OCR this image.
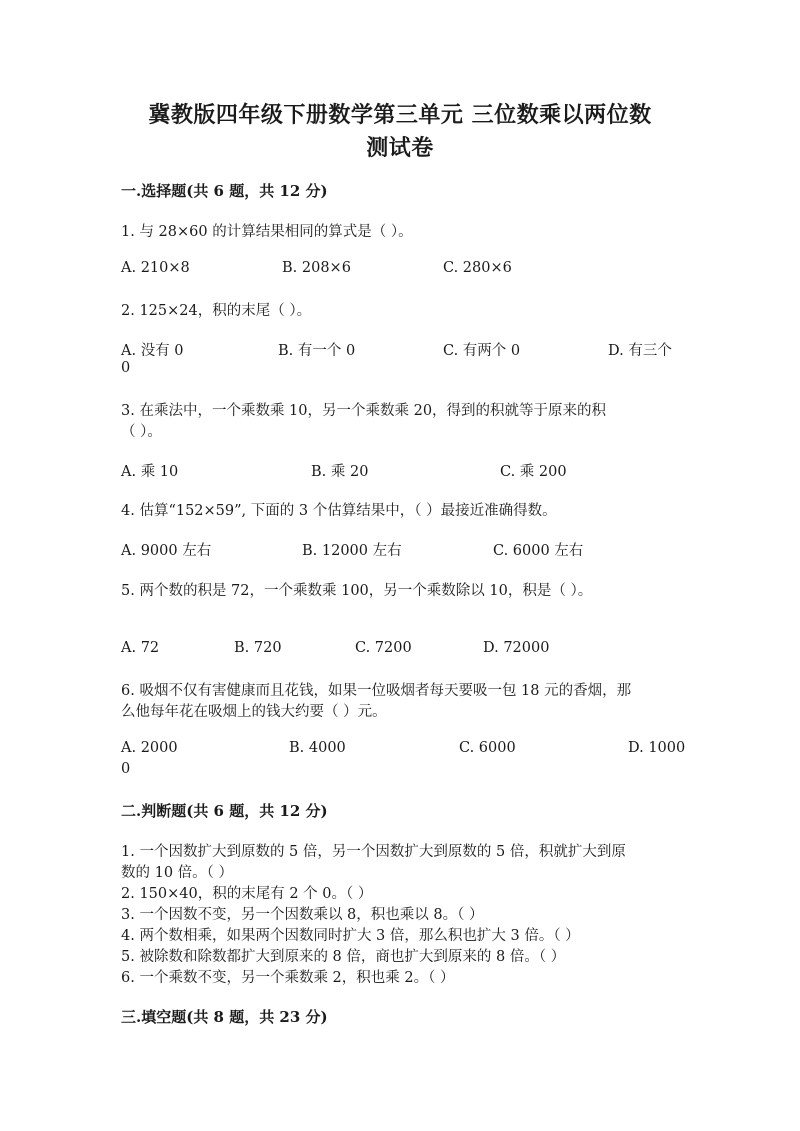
冀教版四年级下册数学第三单元 三位数乘以两位数
测试卷
一.选择题(共 6 题，共 12 分)
1. 与 28×60 的计算结果相同的算式是（ ）。
A. 210×8	B. 208×6	C. 280×6
2. 125×24，积的末尾（ ）。
A. 没有 0	B. 有一个 0	C. 有两个 0	D. 有三个
0
3. 在乘法中，一个乘数乘 10，另一个乘数乘 20，得到的积就等于原来的积
（ ）。
A. 乘 10	B. 乘 20	C. 乘 200
4. 估算“152×59”, 下面的 3 个估算结果中，（ ）最接近准确得数。
A. 9000 左右	B. 12000 左右	C. 6000 左右
5. 两个数的积是 72，一个乘数乘 100，另一个乘数除以 10，积是（ ）。
A. 72	B. 720	C. 7200	D. 72000
6. 吸烟不仅有害健康而且花钱，如果一位吸烟者每天要吸一包 18 元的香烟，那
么他每年花在吸烟上的钱大约要（ ）元。
A. 2000	B. 4000	C. 6000	D. 1000
0
二.判断题(共 6 题，共 12 分)
1. 一个因数扩大到原数的 5 倍，另一个因数扩大到原数的 5 倍，积就扩大到原
数的 10 倍。（ ）
2. 150×40，积的末尾有 2 个 0。（ ）
3. 一个因数不变，另一个因数乘以 8，积也乘以 8。（ ）
4. 两个数相乘，如果两个因数同时扩大 3 倍，那么积也扩大 3 倍。（ ）
5. 被除数和除数都扩大到原来的 8 倍，商也扩大到原来的 8 倍。（ ）
6. 一个乘数不变，另一个乘数乘 2，积也乘 2。（ ）
三.填空题(共 8 题，共 23 分)
